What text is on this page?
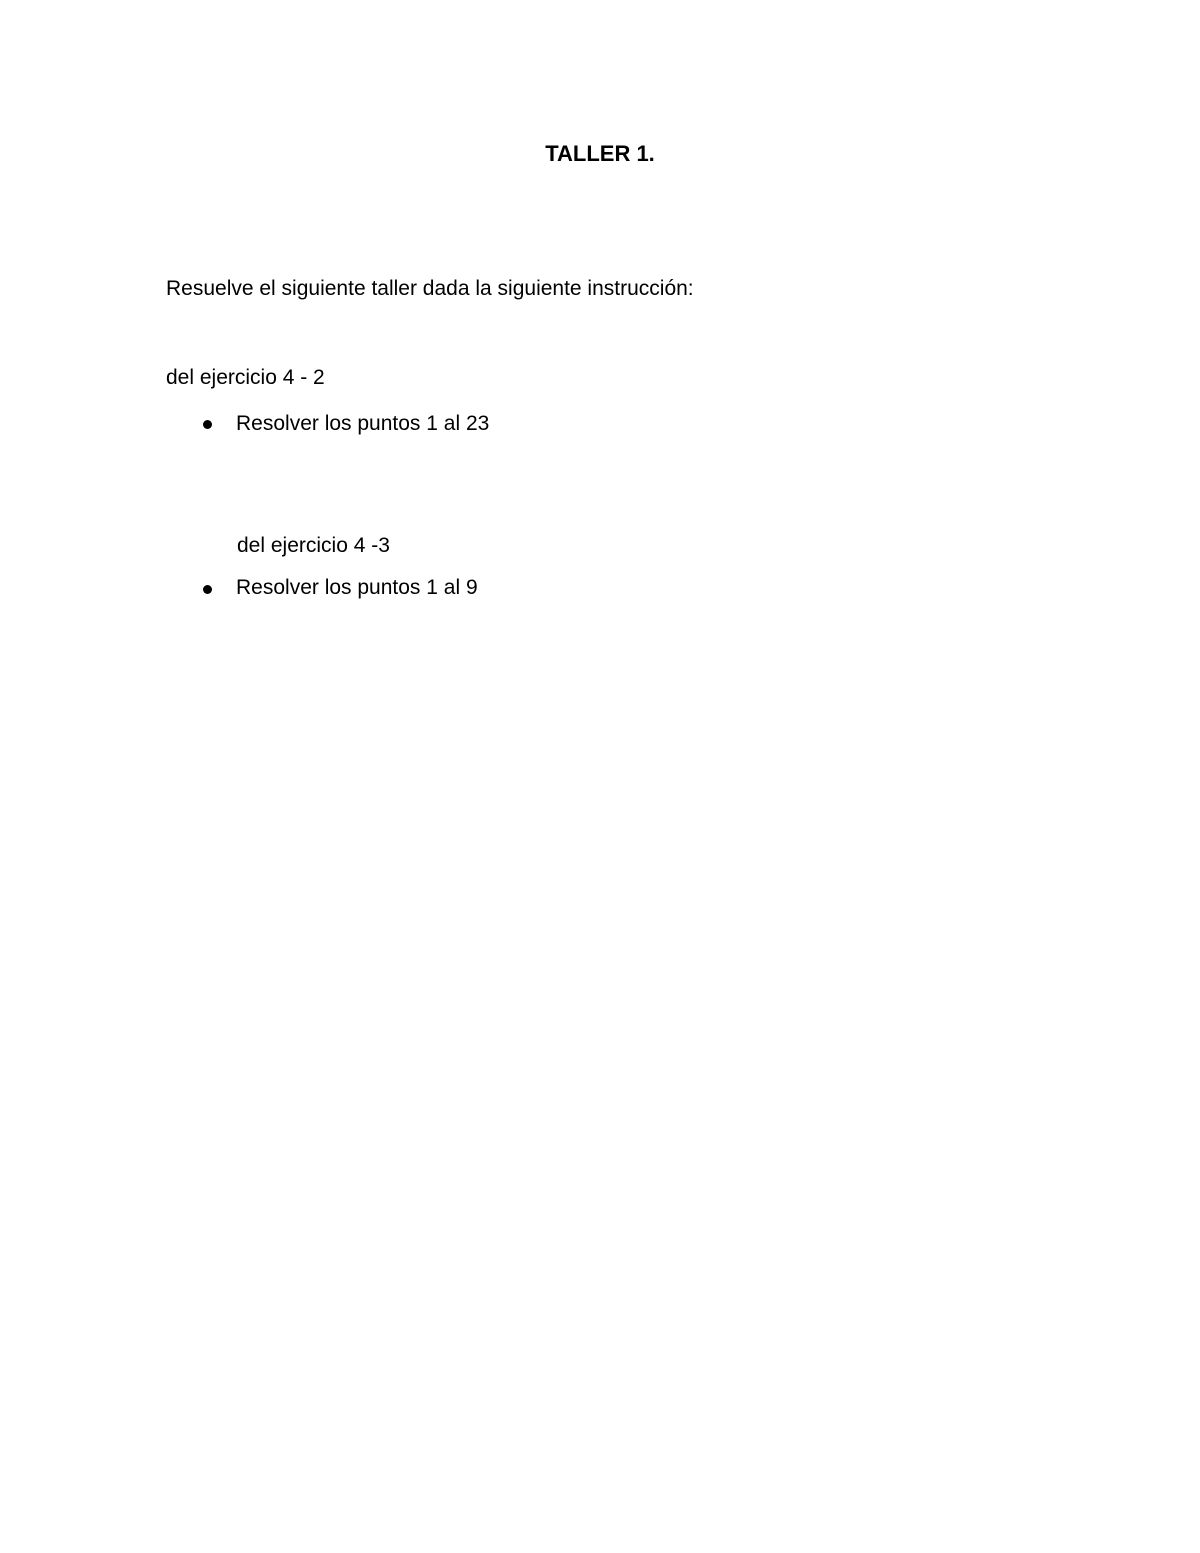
TALLER 1.
Resuelve el siguiente taller dada la siguiente instrucción:
del ejercicio 4 - 2
Resolver los puntos 1 al 23
del ejercicio 4 -3
Resolver los puntos 1 al 9
